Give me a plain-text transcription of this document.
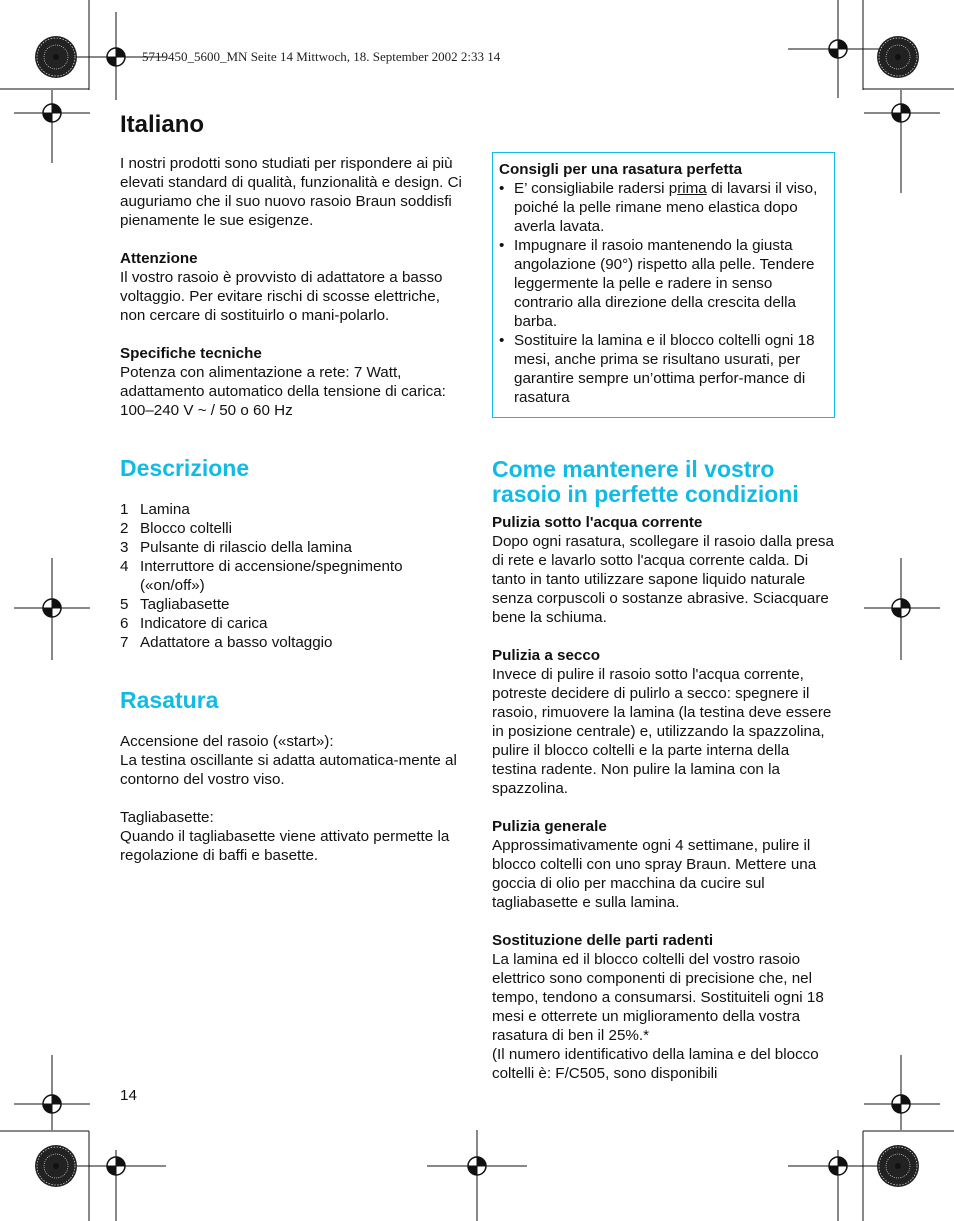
5719450_5600_MN Seite 14 Mittwoch, 18. September 2002 2:33 14
Italiano

I nostri prodotti sono studiati per rispondere ai più elevati standard di qualità, funzionalità e design. Ci auguriamo che il suo nuovo rasoio Braun soddisfi pienamente le sue esigenze.

Attenzione

Il vostro rasoio è provvisto di adattatore a basso voltaggio. Per evitare rischi di scosse elettriche, non cercare di sostituirlo o mani-polarlo.

Specifiche tecniche

Potenza con alimentazione a rete: 7 Watt, adattamento automatico della tensione di carica: 100–240 V ~ / 50 o 60 Hz

Descrizione
1 Lamina
2 Blocco coltelli
3 Pulsante di rilascio della lamina
4 Interruttore di accensione/spegnimento («on/off»)
5 Tagliabasette
6 Indicatore di carica
7 Adattatore a basso voltaggio
Rasatura

Accensione del rasoio («start»):

La testina oscillante si adatta automatica-mente al contorno del vostro viso.

Tagliabasette:

Quando il tagliabasette viene attivato permette la regolazione di baffi e basette.

Consigli per una rasatura perfetta

• E’ consigliabile radersi prima di lavarsi il viso, poiché la pelle rimane meno elastica dopo averla lavata.
• Impugnare il rasoio mantenendo la giusta angolazione (90°) rispetto alla pelle. Tendere leggermente la pelle e radere in senso contrario alla direzione della crescita della barba.
• Sostituire la lamina e il blocco coltelli ogni 18 mesi, anche prima se risultano usurati, per garantire sempre un’ottima perfor-mance di rasatura
Come mantenere il vostro rasoio in perfette condizioni

Pulizia sotto l'acqua corrente

Dopo ogni rasatura, scollegare il rasoio dalla presa di rete e lavarlo sotto l'acqua corrente calda. Di tanto in tanto utilizzare sapone liquido naturale senza corpuscoli o sostanze abrasive. Sciacquare bene la schiuma.

Pulizia a secco

Invece di pulire il rasoio sotto l'acqua corrente, potreste decidere di pulirlo a secco: spegnere il rasoio, rimuovere la lamina (la testina deve essere in posizione centrale) e, utilizzando la spazzolina, pulire il blocco coltelli e la parte interna della testina radente. Non pulire la lamina con la spazzolina.

Pulizia generale

Approssimativamente ogni 4 settimane, pulire il blocco coltelli con uno spray Braun. Mettere una goccia di olio per macchina da cucire sul tagliabasette e sulla lamina.

Sostituzione delle parti radenti

La lamina ed il blocco coltelli del vostro rasoio elettrico sono componenti di precisione che, nel tempo, tendono a consumarsi. Sostituiteli ogni 18 mesi e otterrete un miglioramento della vostra rasatura di ben il 25%.*

(Il numero identificativo della lamina e del blocco coltelli è: F/C505, sono disponibili

14
